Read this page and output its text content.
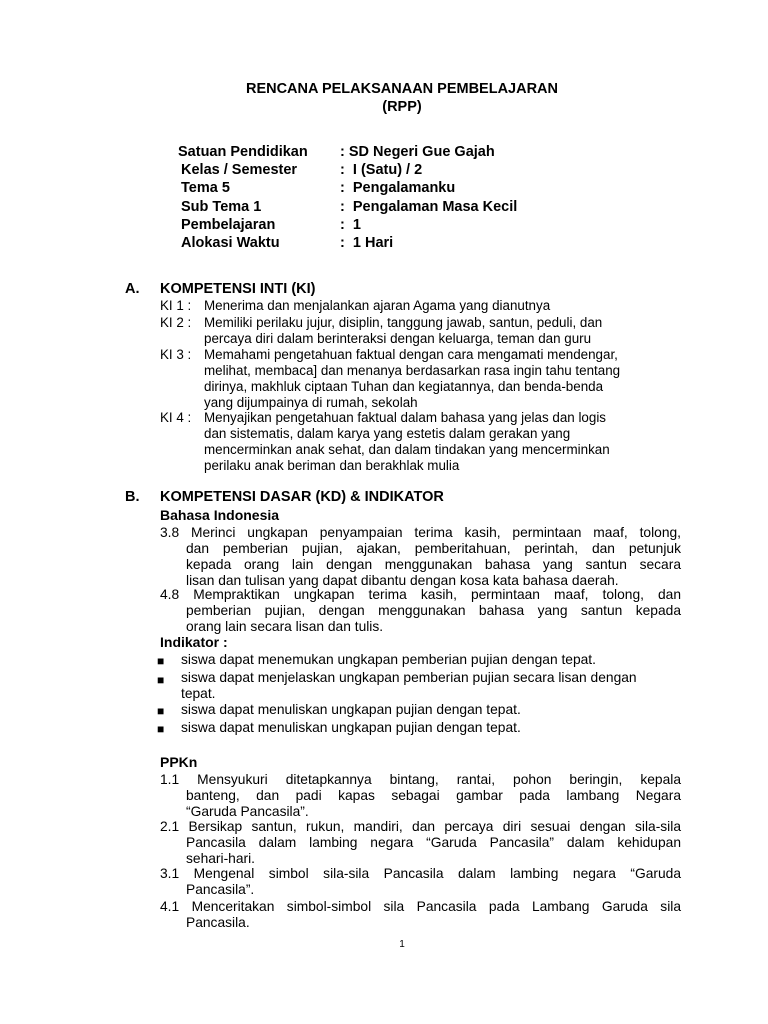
RENCANA PELAKSANAAN PEMBELAJARAN
(RPP)
Satuan Pendidikan : SD Negeri Gue Gajah
Kelas / Semester	:  I (Satu) / 2
Tema 5	:  Pengalamanku
Sub Tema 1	:  Pengalaman Masa Kecil
Pembelajaran	:  1
Alokasi Waktu	:  1 Hari
A. KOMPETENSI INTI (KI)
KI 1 : Menerima dan menjalankan ajaran Agama yang dianutnya
KI 2 : Memiliki perilaku jujur, disiplin, tanggung jawab, santun, peduli, dan
percaya diri dalam berinteraksi dengan keluarga, teman dan guru
KI 3 : Memahami pengetahuan faktual dengan cara mengamati mendengar,
melihat, membaca] dan menanya berdasarkan rasa ingin tahu tentang
dirinya, makhluk ciptaan Tuhan dan kegiatannya, dan benda-benda
yang dijumpainya di rumah, sekolah
KI 4 : Menyajikan pengetahuan faktual dalam bahasa yang jelas dan logis
dan sistematis, dalam karya yang estetis dalam gerakan yang
mencerminkan anak sehat, dan dalam tindakan yang mencerminkan
perilaku anak beriman dan berakhlak mulia
B. KOMPETENSI DASAR (KD) & INDIKATOR
Bahasa Indonesia
3.8 Merinci ungkapan penyampaian terima kasih, permintaan maaf, tolong,
dan pemberian pujian, ajakan, pemberitahuan, perintah, dan petunjuk
kepada orang lain dengan menggunakan bahasa yang santun secara
lisan dan tulisan yang dapat dibantu dengan kosa kata bahasa daerah.
4.8 Mempraktikan ungkapan terima kasih, permintaan maaf, tolong, dan
pemberian pujian, dengan menggunakan bahasa yang santun kepada
orang lain secara lisan dan tulis.
Indikator :
■ siswa dapat menemukan ungkapan pemberian pujian dengan tepat.
■ siswa dapat menjelaskan ungkapan pemberian pujian secara lisan dengan
tepat.
■ siswa dapat menuliskan ungkapan pujian dengan tepat.
■ siswa dapat menuliskan ungkapan pujian dengan tepat.
PPKn
1.1 Mensyukuri ditetapkannya bintang, rantai, pohon beringin, kepala
banteng, dan padi kapas sebagai gambar pada lambang Negara
“Garuda Pancasila”.
2.1 Bersikap santun, rukun, mandiri, dan percaya diri sesuai dengan sila-sila
Pancasila dalam lambing negara “Garuda Pancasila” dalam kehidupan
sehari-hari.
3.1 Mengenal simbol sila-sila Pancasila dalam lambing negara “Garuda
Pancasila”.
4.1 Menceritakan simbol-simbol sila Pancasila pada Lambang Garuda sila
Pancasila.
1
